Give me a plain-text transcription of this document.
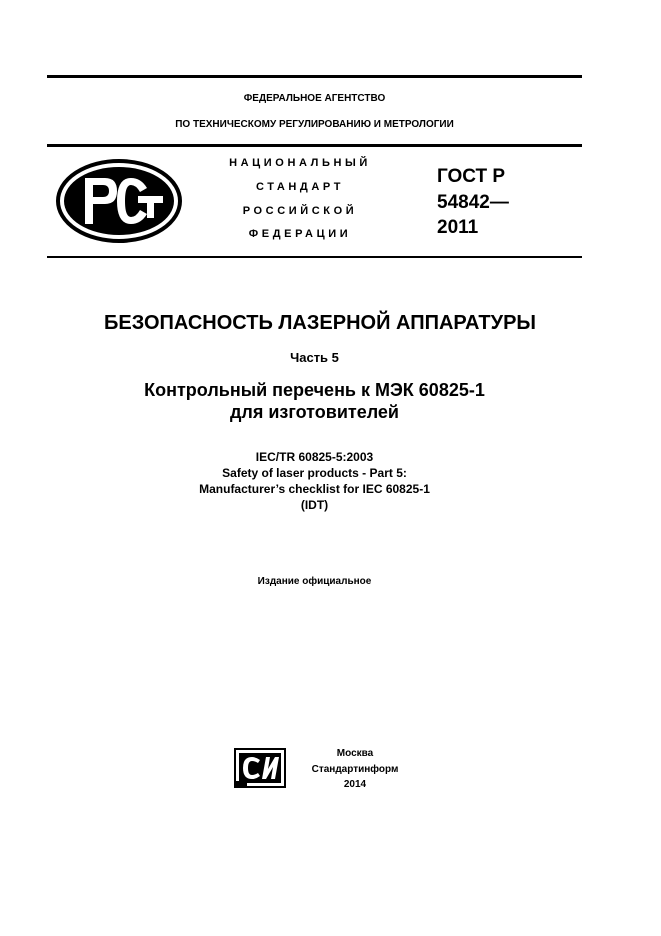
ФЕДЕРАЛЬНОЕ АГЕНТСТВО
ПО ТЕХНИЧЕСКОМУ РЕГУЛИРОВАНИЮ И МЕТРОЛОГИИ
НАЦИОНАЛЬНЫЙ
СТАНДАРТ
РОССИЙСКОЙ
ФЕДЕРАЦИИ
ГОСТ Р
54842—
2011
БЕЗОПАСНОСТЬ ЛАЗЕРНОЙ АППАРАТУРЫ
Часть 5
Контрольный перечень к МЭК 60825-1
для изготовителей
IEC/TR 60825-5:2003
Safety of laser products - Part 5:
Manufacturer’s checklist for IEC 60825-1
(IDT)
Издание официальное
Москва
Стандартинформ
2014
